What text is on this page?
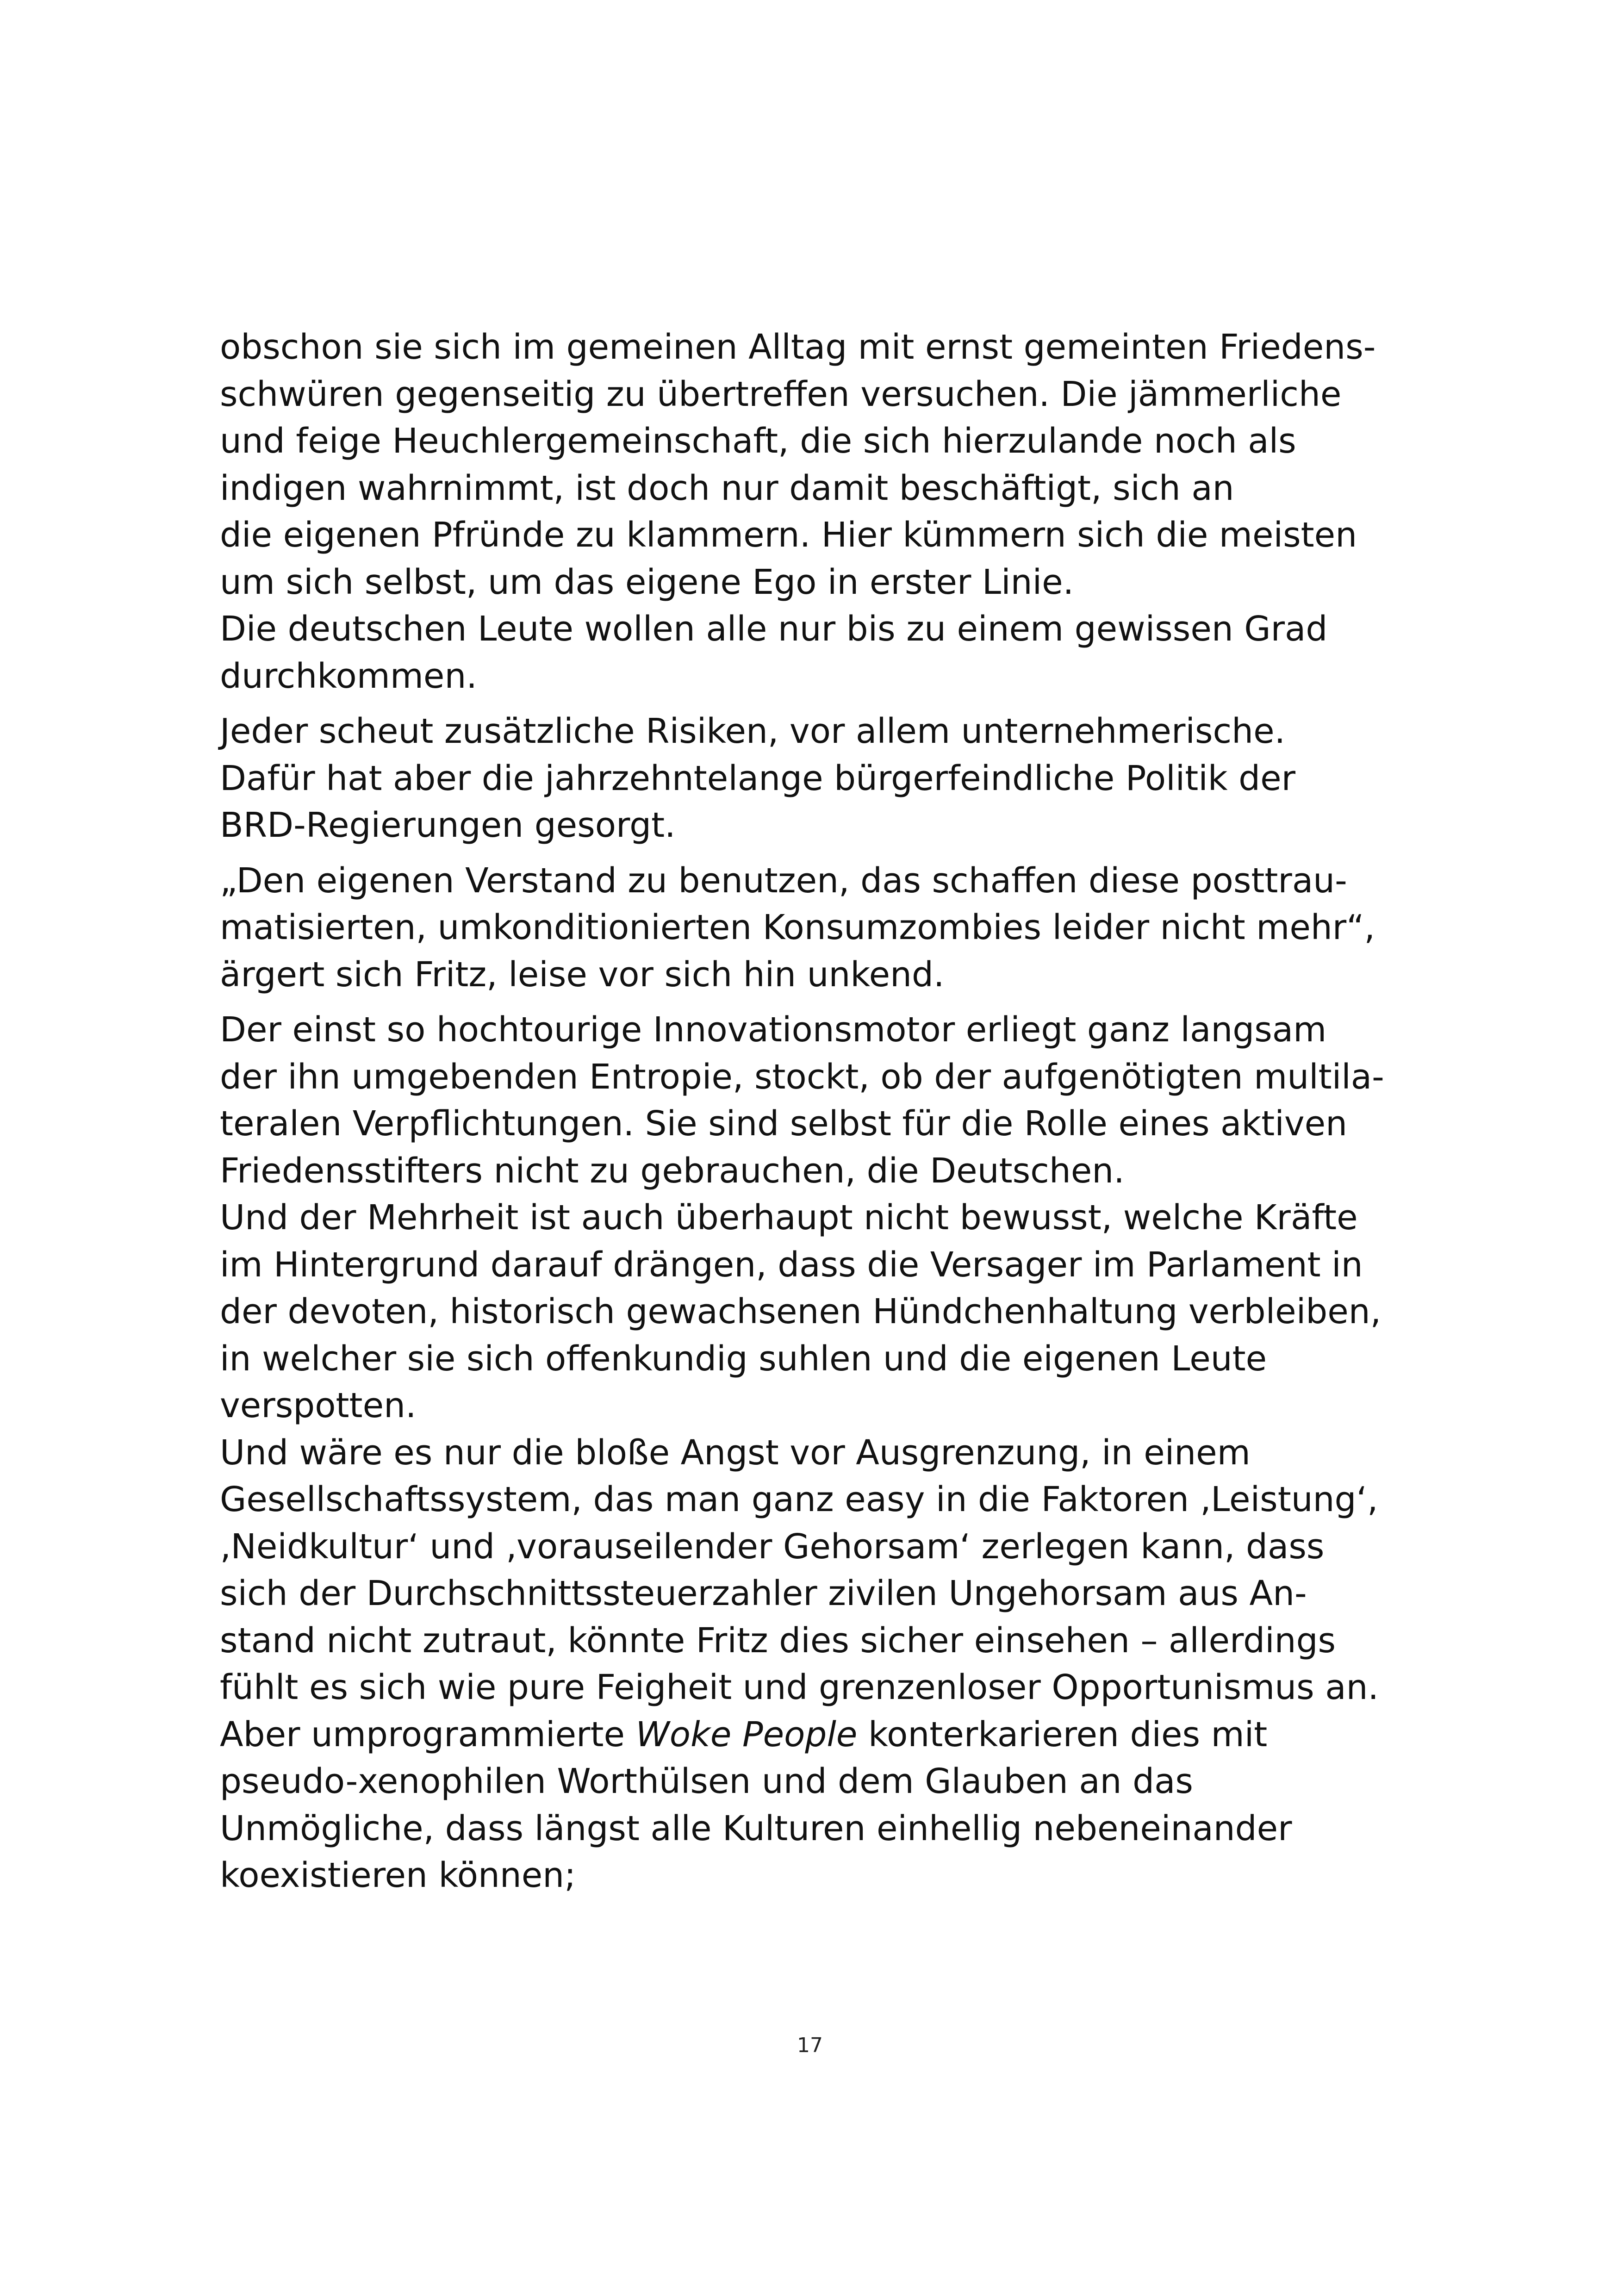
obschon sie sich im gemeinen Alltag mit ernst gemeinten Friedens-
schwüren gegenseitig zu übertreffen versuchen. Die jämmerliche
und feige Heuchlergemeinschaft, die sich hierzulande noch als
indigen wahrnimmt, ist doch nur damit beschäftigt, sich an
die eigenen Pfründe zu klammern. Hier kümmern sich die meisten
um sich selbst, um das eigene Ego in erster Linie.
Die deutschen Leute wollen alle nur bis zu einem gewissen Grad
durchkommen.
Jeder scheut zusätzliche Risiken, vor allem unternehmerische.
Dafür hat aber die jahrzehntelange bürgerfeindliche Politik der
BRD-Regierungen gesorgt.
„Den eigenen Verstand zu benutzen, das schaffen diese posttrau-
matisierten, umkonditionierten Konsumzombies leider nicht mehr“,
ärgert sich Fritz, leise vor sich hin unkend.
Der einst so hochtourige Innovationsmotor erliegt ganz langsam
der ihn umgebenden Entropie, stockt, ob der aufgenötigten multila-
teralen Verpflichtungen. Sie sind selbst für die Rolle eines aktiven
Friedensstifters nicht zu gebrauchen, die Deutschen.
Und der Mehrheit ist auch überhaupt nicht bewusst, welche Kräfte
im Hintergrund darauf drängen, dass die Versager im Parlament in
der devoten, historisch gewachsenen Hündchenhaltung verbleiben,
in welcher sie sich offenkundig suhlen und die eigenen Leute
verspotten.
Und wäre es nur die bloße Angst vor Ausgrenzung, in einem
Gesellschaftssystem, das man ganz easy in die Faktoren ‚Leistung‘,
‚Neidkultur‘ und ‚vorauseilender Gehorsam‘ zerlegen kann, dass
sich der Durchschnittssteuerzahler zivilen Ungehorsam aus An-
stand nicht zutraut, könnte Fritz dies sicher einsehen – allerdings
fühlt es sich wie pure Feigheit und grenzenloser Opportunismus an.
Aber umprogrammierte Woke People konterkarieren dies mit
pseudo-xenophilen Worthülsen und dem Glauben an das
Unmögliche, dass längst alle Kulturen einhellig nebeneinander
koexistieren können;
17
